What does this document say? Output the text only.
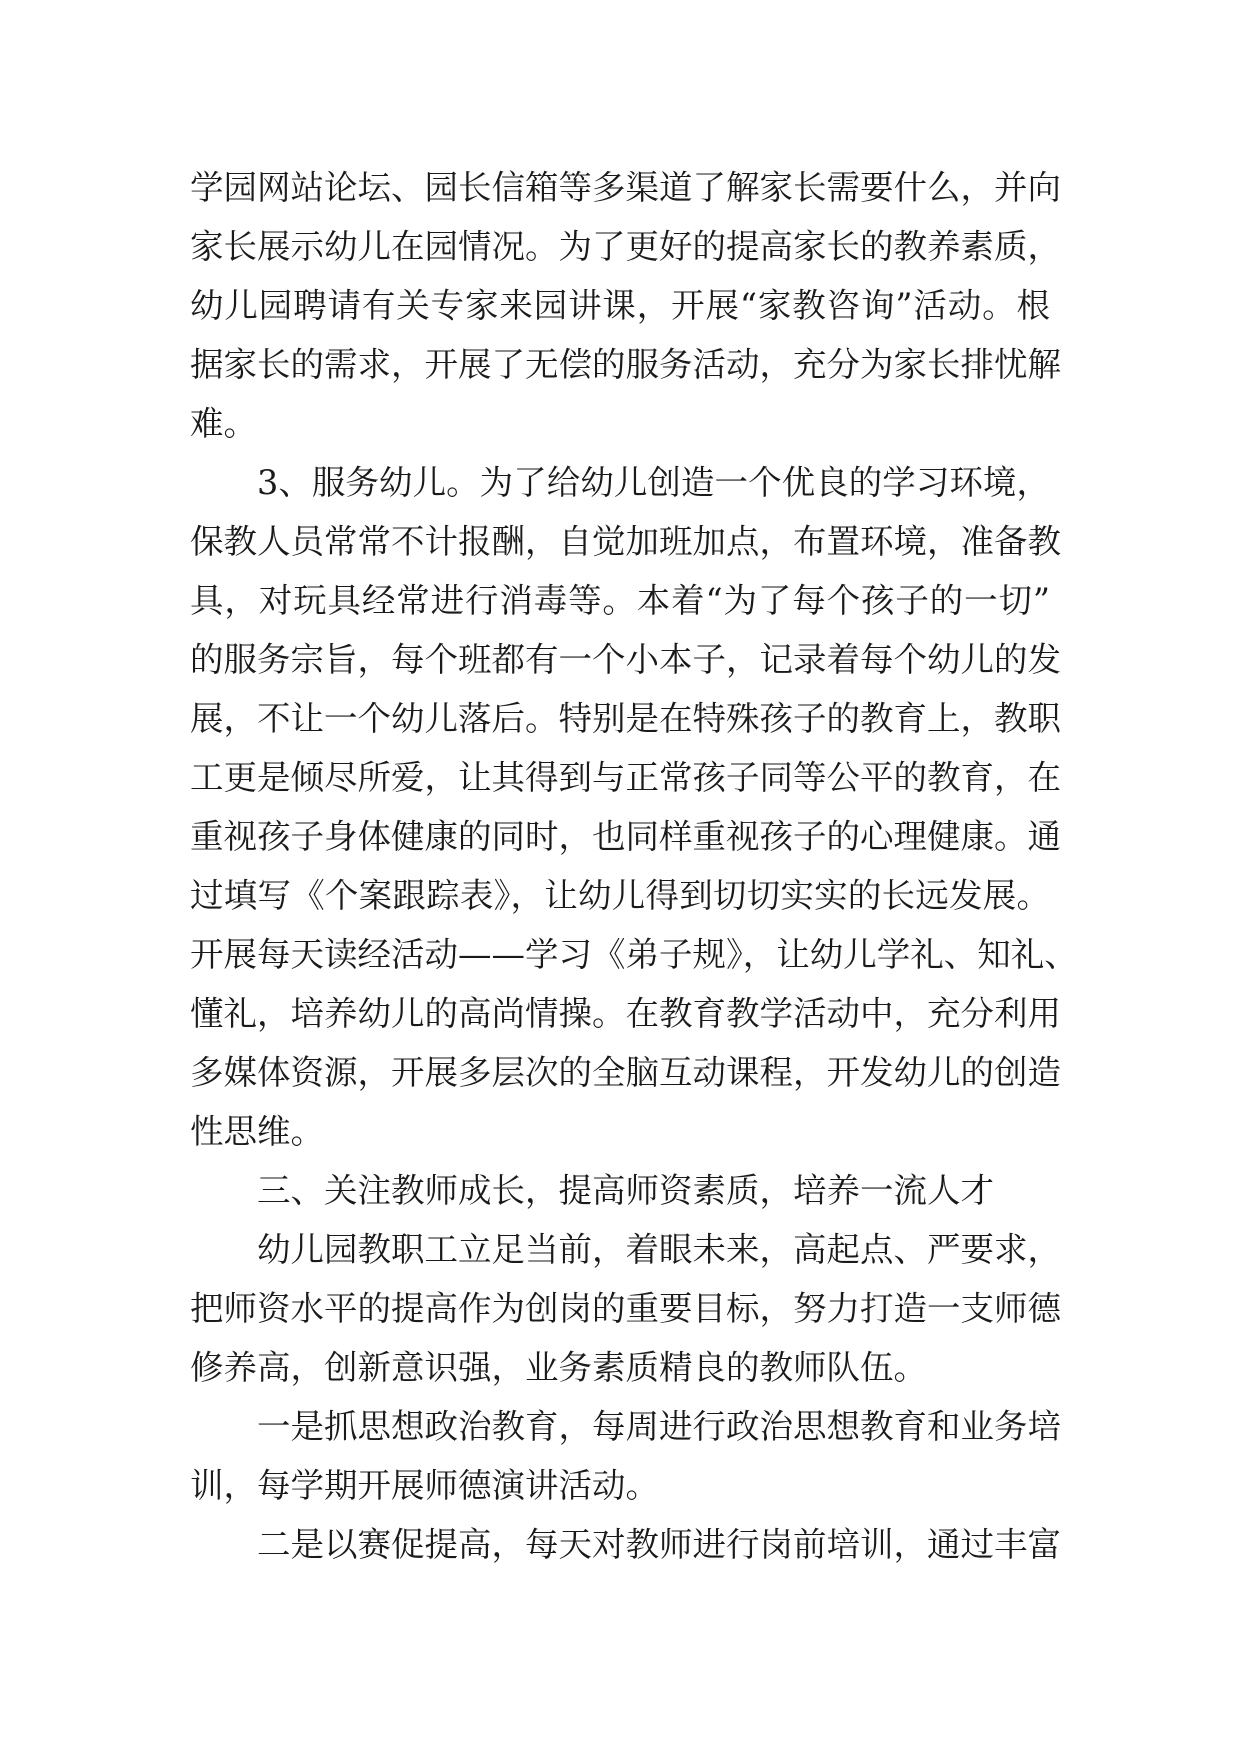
学园网站论坛、园长信箱等多渠道了解家长需要什么，并向
家长展示幼儿在园情况。为了更好的提高家长的教养素质，
幼儿园聘请有关专家来园讲课，开展“家教咨询”活动。根
据家长的需求，开展了无偿的服务活动，充分为家长排忧解
难。
3、服务幼儿。为了给幼儿创造一个优良的学习环境，
保教人员常常不计报酬，自觉加班加点，布置环境，准备教
具，对玩具经常进行消毒等。本着“为了每个孩子的一切”
的服务宗旨，每个班都有一个小本子，记录着每个幼儿的发
展，不让一个幼儿落后。特别是在特殊孩子的教育上，教职
工更是倾尽所爱，让其得到与正常孩子同等公平的教育，在
重视孩子身体健康的同时，也同样重视孩子的心理健康。通
过填写《个案跟踪表》，让幼儿得到切切实实的长远发展。
开展每天读经活动——学习《弟子规》，让幼儿学礼、知礼、
懂礼，培养幼儿的高尚情操。在教育教学活动中，充分利用
多媒体资源，开展多层次的全脑互动课程，开发幼儿的创造
性思维。
三、关注教师成长，提高师资素质，培养一流人才
幼儿园教职工立足当前，着眼未来，高起点、严要求，
把师资水平的提高作为创岗的重要目标，努力打造一支师德
修养高，创新意识强，业务素质精良的教师队伍。
一是抓思想政治教育，每周进行政治思想教育和业务培
训，每学期开展师德演讲活动。
二是以赛促提高，每天对教师进行岗前培训，通过丰富
